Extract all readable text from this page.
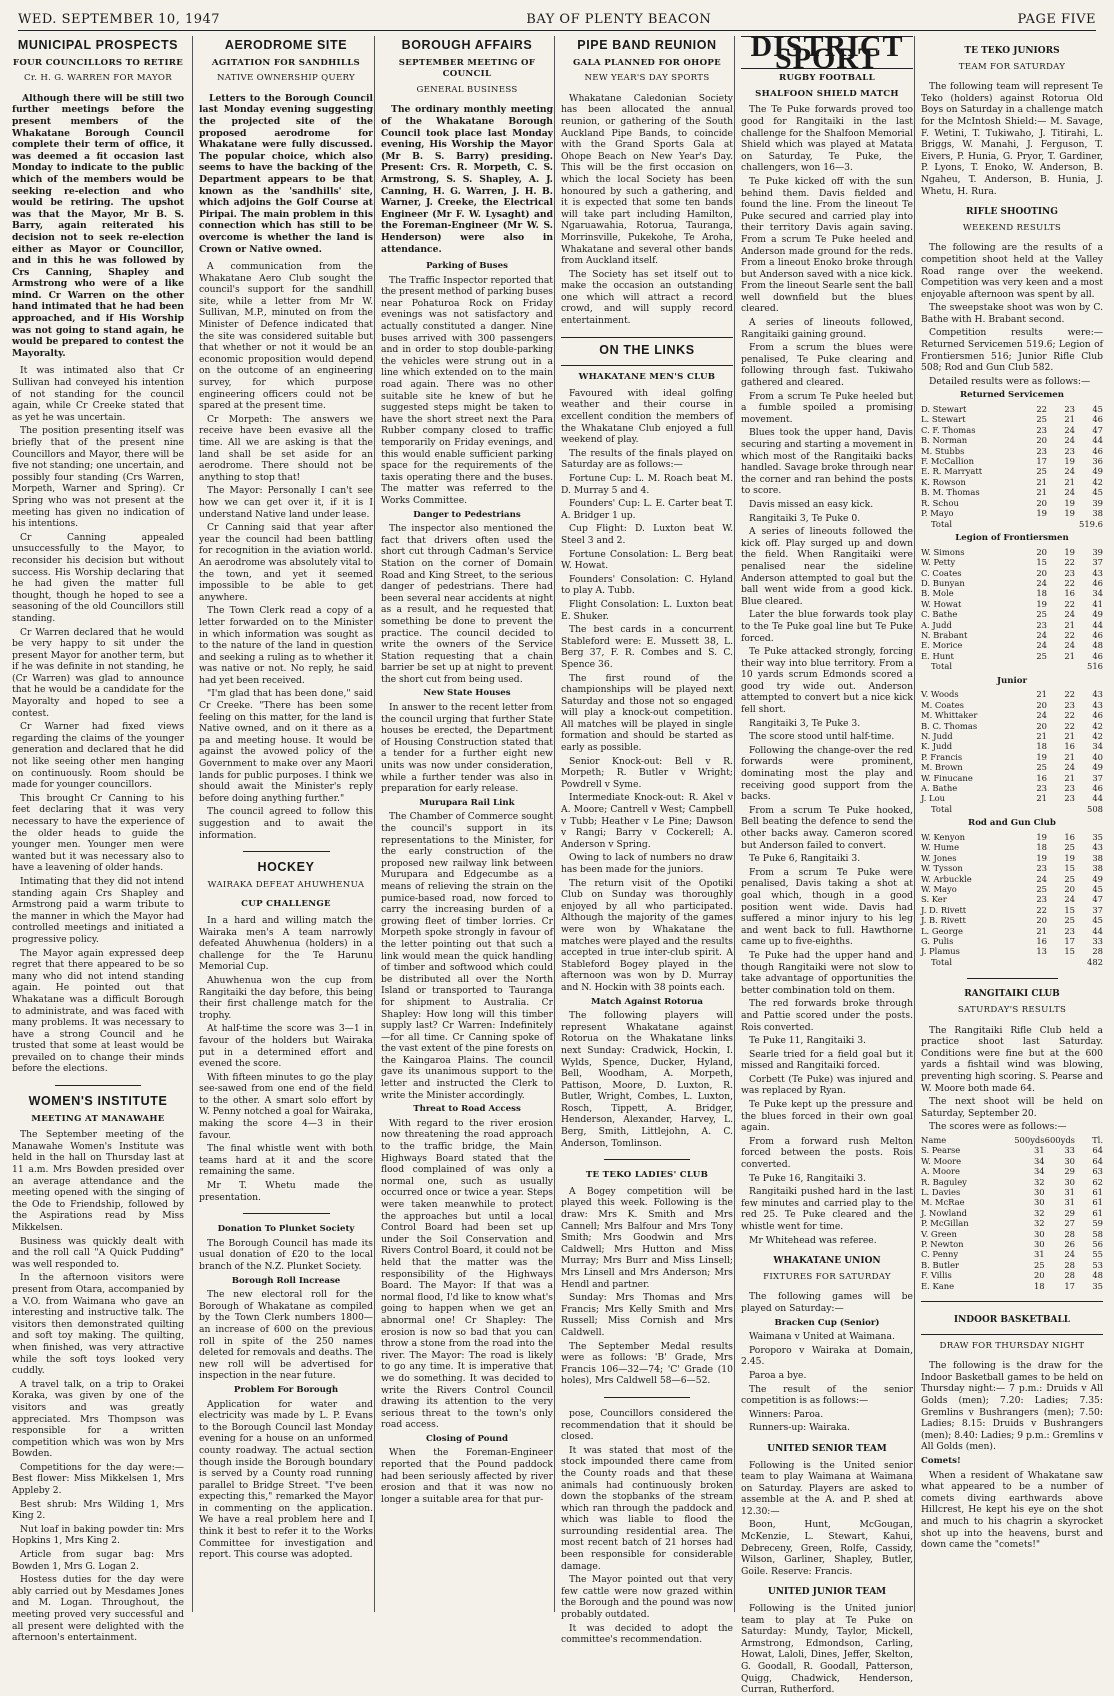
WED. SEPTEMBER 10, 1947	BAY OF PLENTY BEACON	PAGE FIVE
MUNICIPAL PROSPECTS
FOUR COUNCILLORS TO RETIRE
Cr. H. G. WARREN FOR MAYOR

Although there will be still two further meetings before the present members of the Whakatane Borough Council complete their term of office, it was deemed a fit occasion last Monday to indicate to the public which of the members would be seeking re-election and who would be retiring. The upshot was that the Mayor, Mr B. S. Barry, again reiterated his decision not to seek re-election either as Mayor or Councillor, and in this he was followed by Crs Canning, Shapley and Armstrong who were of a like mind. Cr Warren on the other hand intimated that he had been approached, and if His Worship was not going to stand again, he would be prepared to contest the Mayoralty.

It was intimated also that Cr Sullivan had conveyed his intention of not standing for the council again, while Cr Creeke stated that as yet he was uncertain.

The position presenting itself was briefly that of the present nine Councillors and Mayor, there will be five not standing; one uncertain, and possibly four standing (Crs Warren, Morpeth, Warner and Spring). Cr Spring who was not present at the meeting has given no indication of his intentions.

Cr Canning appealed unsuccessfully to the Mayor, to reconsider his decision but without success. His Worship declaring that he had given the matter full thought, though he hoped to see a seasoning of the old Councillors still standing.

Cr Warren declared that he would be very happy to sit under the present Mayor for another term, but if he was definite in not standing, he (Cr Warren) was glad to announce that he would be a candidate for the Mayoralty and hoped to see a contest.

Cr Warner had fixed views regarding the claims of the younger generation and declared that he did not like seeing other men hanging on continuously. Room should be made for younger councillors.

This brought Cr Canning to his feet declaring that it was very necessary to have the experience of the older heads to guide the younger men. Younger men were wanted but it was necessary also to have a leavening of older hands.

Intimating that they did not intend standing again Crs Shapley and Armstrong paid a warm tribute to the manner in which the Mayor had controlled meetings and initiated a progressive policy.

The Mayor again expressed deep regret that there appeared to be so many who did not intend standing again. He pointed out that Whakatane was a difficult Borough to administrate, and was faced with many problems. It was necessary to have a strong Council and he trusted that some at least would be prevailed on to change their minds before the elections.

WOMEN'S INSTITUTE
MEETING AT MANAWAHE

The September meeting of the Manawahe Women's Institute was held in the hall on Thursday last at 11 a.m. Mrs Bowden presided over an average attendance and the meeting opened with the singing of the Ode to Friendship, followed by the Aspirations read by Miss Mikkelsen.

Business was quickly dealt with and the roll call "A Quick Pudding" was well responded to.

In the afternoon visitors were present from Otara, accompanied by a V.O. from Waimana who gave an interesting and instructive talk. The visitors then demonstrated quilting and soft toy making. The quilting, when finished, was very attractive while the soft toys looked very cuddly.

A travel talk, on a trip to Orakei Koraka, was given by one of the visitors and was greatly appreciated. Mrs Thompson was responsible for a written competition which was won by Mrs Bowden.

Competitions for the day were:— Best flower: Miss Mikkelsen 1, Mrs Appleby 2.

Best shrub: Mrs Wilding 1, Mrs King 2.

Nut loaf in baking powder tin: Mrs Hopkins 1, Mrs King 2.

Article from sugar bag: Mrs Bowden 1, Mrs G. Logan 2.

Hostess duties for the day were ably carried out by Mesdames Jones and M. Logan. Throughout, the meeting proved very successful and all present were delighted with the afternoon's entertainment.

AERODROME SITE
AGITATION FOR SANDHILLS
NATIVE OWNERSHIP QUERY

Letters to the Borough Council last Monday evening suggesting the projected site of the proposed aerodrome for Whakatane were fully discussed. The popular choice, which also seems to have the backing of the Department appears to be that known as the 'sandhills' site, which adjoins the Golf Course at Piripai. The main problem in this connection which has still to be overcome is whether the land is Crown or Native owned.

A communication from the Whakatane Aero Club sought the council's support for the sandhill site, while a letter from Mr W. Sullivan, M.P., minuted on from the Minister of Defence indicated that the site was considered suitable but that whether or not it would be an economic proposition would depend on the outcome of an engineering survey, for which purpose engineering officers could not be spared at the present time.

Cr Morpeth: The answers we receive have been evasive all the time. All we are asking is that the land shall be set aside for an aerodrome. There should not be anything to stop that!

The Mayor: Personally I can't see how we can get over it, if it is I understand Native land under lease.

Cr Canning said that year after year the council had been battling for recognition in the aviation world. An aerodrome was absolutely vital to the town, and yet it seemed impossible to be able to get anywhere.

The Town Clerk read a copy of a letter forwarded on to the Minister in which information was sought as to the nature of the land in question and seeking a ruling as to whether it was native or not. No reply, he said had yet been received.

"I'm glad that has been done," said Cr Creeke. "There has been some feeling on this matter, for the land is Native owned, and on it there as a pa and meeting house. It would be against the avowed policy of the Government to make over any Maori lands for public purposes. I think we should await the Minister's reply before doing anything further."

The council agreed to follow this suggestion and to await the information.

HOCKEY
WAIRAKA DEFEAT AHUWHENUA
CUP CHALLENGE

In a hard and willing match the Wairaka men's A team narrowly defeated Ahuwhenua (holders) in a challenge for the Te Harunu Memorial Cup.

Ahuwhenua won the cup from Rangitaiki the day before, this being their first challenge match for the trophy.

At half-time the score was 3—1 in favour of the holders but Wairaka put in a determined effort and evened the score.

With fifteen minutes to go the play see-sawed from one end of the field to the other. A smart solo effort by W. Penny notched a goal for Wairaka, making the score 4—3 in their favour.

The final whistle went with both teams hard at it and the score remaining the same.

Mr T. Whetu made the presentation.

Donation To Plunket Society

The Borough Council has made its usual donation of £20 to the local branch of the N.Z. Plunket Society.

Borough Roll Increase

The new electoral roll for the Borough of Whakatane as compiled by the Town Clerk numbers 1800—an increase of 600 on the previous roll in spite of the 250 names deleted for removals and deaths. The new roll will be advertised for inspection in the near future.

Problem For Borough

Application for water and electricity was made by L. P. Evans to the Borough Council last Monday evening for a house on an unformed county roadway. The actual section though inside the Borough boundary is served by a County road running parallel to Bridge Street. "I've been expecting this," remarked the Mayor in commenting on the application. We have a real problem here and I think it best to refer it to the Works Committee for investigation and report. This course was adopted.

BOROUGH AFFAIRS
SEPTEMBER MEETING OF COUNCIL
GENERAL BUSINESS

The ordinary monthly meeting of the Whakatane Borough Council took place last Monday evening, His Worship the Mayor (Mr B. S. Barry) presiding. Present: Crs. R. Morpeth, C. S. Armstrong, S. S. Shapley, A. J. Canning, H. G. Warren, J. H. B. Warner, J. Creeke, the Electrical Engineer (Mr F. W. Lysaght) and the Foreman-Engineer (Mr W. S. Henderson) were also in attendance.

Parking of Buses

The Traffic Inspector reported that the present method of parking buses near Pohaturoa Rock on Friday evenings was not satisfactory and actually constituted a danger. Nine buses arrived with 300 passengers and in order to stop double-parking the vehicles were strung out in a line which extended on to the main road again. There was no other suitable site he knew of but he suggested steps might be taken to have the short street next the Para Rubber company closed to traffic temporarily on Friday evenings, and this would enable sufficient parking space for the requirements of the taxis operating there and the buses. The matter was referred to the Works Committee.

Danger to Pedestrians

The inspector also mentioned the fact that drivers often used the short cut through Cadman's Service Station on the corner of Domain Road and King Street, to the serious danger of pedestrians. There had been several near accidents at night as a result, and he requested that something be done to prevent the practice. The council decided to write the owners of the Service Station requesting that a chain barrier be set up at night to prevent the short cut from being used.

New State Houses

In answer to the recent letter from the council urging that further State houses be erected, the Department of Housing Construction stated that a tender for a further eight new units was now under consideration, while a further tender was also in preparation for early release.

Murupara Rail Link

The Chamber of Commerce sought the council's support in its representations to the Minister, for the early construction of the proposed new railway link between Murupara and Edgecumbe as a means of relieving the strain on the pumice-based road, now forced to carry the increasing burden of a growing fleet of timber lorries. Cr Morpeth spoke strongly in favour of the letter pointing out that such a link would mean the quick handling of timber and softwood which could be distributed all over the North Island or transported to Tauranga for shipment to Australia. Cr Shapley: How long will this timber supply last? Cr Warren: Indefinitely—for all time. Cr Canning spoke of the vast extent of the pine forests on the Kaingaroa Plains. The council gave its unanimous support to the letter and instructed the Clerk to write the Minister accordingly.

Threat to Road Access

With regard to the river erosion now threatening the road approach to the traffic bridge, the Main Highways Board stated that the flood complained of was only a normal one, such as usually occurred once or twice a year. Steps were taken meanwhile to protect the approaches but until a local Control Board had been set up under the Soil Conservation and Rivers Control Board, it could not be held that the matter was the responsibility of the Highways Board. The Mayor: If that was a normal flood, I'd like to know what's going to happen when we get an abnormal one! Cr Shapley: The erosion is now so bad that you can throw a stone from the road into the river. The Mayor: The road is likely to go any time. It is imperative that we do something. It was decided to write the Rivers Control Council drawing its attention to the very serious threat to the town's only road access.

Closing of Pound

When the Foreman-Engineer reported that the Pound paddock had been seriously affected by river erosion and that it was now no longer a suitable area for that pur-

PIPE BAND REUNION
GALA PLANNED FOR OHOPE
NEW YEAR'S DAY SPORTS

Whakatane Caledonian Society has been allocated the annual reunion, or gathering of the South Auckland Pipe Bands, to coincide with the Grand Sports Gala at Ohope Beach on New Year's Day. This will be the first occasion on which the local Society has been honoured by such a gathering, and it is expected that some ten bands will take part including Hamilton, Ngaruawahia, Rotorua, Tauranga, Morrinsville, Pukekohe, Te Aroha, Whakatane and several other bands from Auckland itself.

The Society has set itself out to make the occasion an outstanding one which will attract a record crowd, and will supply record entertainment.

ON THE LINKS
WHAKATANE MEN'S CLUB

Favoured with ideal golfing weather and their course in excellent condition the members of the Whakatane Club enjoyed a full weekend of play.

The results of the finals played on Saturday are as follows:—

Fortune Cup: L. M. Roach beat M. D. Murray 5 and 4.

Founders' Cup: L. E. Carter beat T. A. Bridger 1 up.

Cup Flight: D. Luxton beat W. Steel 3 and 2.

Fortune Consolation: L. Berg beat W. Howat.

Founders' Consolation: C. Hyland to play A. Tubb.

Flight Consolation: L. Luxton beat E. Shuker.

The best cards in a concurrent Stableford were: E. Mussett 38, L. Berg 37, F. R. Combes and S. C. Spence 36.

The first round of the championships will be played next Saturday and those not so engaged will play a knock-out competition. All matches will be played in single formation and should be started as early as possible.

Senior Knock-out: Bell v R. Morpeth; R. Butler v Wright; Powdrell v Syme.

Intermediate Knock-out: R. Akel v A. Moore; Cantrell v West; Campbell v Tubb; Heather v Le Pine; Dawson v Rangi; Barry v Cockerell; A. Anderson v Spring.

Owing to lack of numbers no draw has been made for the juniors.

The return visit of the Opotiki Club on Sunday was thoroughly enjoyed by all who participated. Although the majority of the games were won by Whakatane the matches were played and the results accepted in true inter-club spirit. A Stableford Bogey played in the afternoon was won by D. Murray and N. Hockin with 38 points each.

Match Against Rotorua

The following players will represent Whakatane against Rotorua on the Whakatane links next Sunday: Cradwick, Hockin, I. Wylds, Spence, Ducker, Hyland, Bell, Woodham, A. Morpeth, Pattison, Moore, D. Luxton, R. Butler, Wright, Combes, L. Luxton, Rosch, Tippett, A. Bridger, Henderson, Alexander, Harvey, L. Berg, Smith, Littlejohn, A. C. Anderson, Tomlinson.

TE TEKO LADIES' CLUB

A Bogey competition will be played this week. Following is the draw: Mrs K. Smith and Mrs Cannell; Mrs Balfour and Mrs Tony Smith; Mrs Goodwin and Mrs Caldwell; Mrs Hutton and Miss Murray; Mrs Burr and Miss Linsell; Mrs Linsell and Mrs Anderson; Mrs Hendl and partner.

Sunday: Mrs Thomas and Mrs Francis; Mrs Kelly Smith and Mrs Russell; Miss Cornish and Mrs Caldwell.

The September Medal results were as follows: 'B' Grade, Mrs Francis 106—32—74; 'C' Grade (10 holes), Mrs Caldwell 58—6—52.

pose, Councillors considered the recommendation that it should be closed.

It was stated that most of the stock impounded there came from the County roads and that these animals had continuously broken down the stopbanks of the stream which ran through the paddock and which was liable to flood the surrounding residential area. The most recent batch of 21 horses had been responsible for considerable damage.

The Mayor pointed out that very few cattle were now grazed within the Borough and the pound was now probably outdated.

It was decided to adopt the committee's recommendation.

DISTRICT SPORT
RUGBY FOOTBALL
SHALFOON SHIELD MATCH

The Te Puke forwards proved too good for Rangitaiki in the last challenge for the Shalfoon Memorial Shield which was played at Matata on Saturday, Te Puke, the challengers, won 16—3.

Te Puke kicked off with the sun behind them. Davis fielded and found the line. From the lineout Te Puke secured and carried play into their territory Davis again saving. From a scrum Te Puke heeled and Anderson made ground for the reds. From a lineout Enoko broke through but Anderson saved with a nice kick. From the lineout Searle sent the ball well downfield but the blues cleared.

A series of lineouts followed, Rangitaiki gaining ground.

From a scrum the blues were penalised, Te Puke clearing and following through fast. Tukiwaho gathered and cleared.

From a scrum Te Puke heeled but a fumble spoiled a promising movement.

Blues took the upper hand, Davis securing and starting a movement in which most of the Rangitaiki backs handled. Savage broke through near the corner and ran behind the posts to score.

Davis missed an easy kick.

Rangitaiki 3, Te Puke 0.

A series of lineouts followed the kick off. Play surged up and down the field. When Rangitaiki were penalised near the sideline Anderson attempted to goal but the ball went wide from a good kick. Blue cleared.

Later the blue forwards took play to the Te Puke goal line but Te Puke forced.

Te Puke attacked strongly, forcing their way into blue territory. From a 10 yards scrum Edmonds scored a good try wide out. Anderson attempted to convert but a nice kick fell short.

Rangitaiki 3, Te Puke 3.

The score stood until half-time.

Following the change-over the red forwards were prominent, dominating most the play and receiving good support from the backs.

From a scrum Te Puke hooked, Bell beating the defence to send the other backs away. Cameron scored but Anderson failed to convert.

Te Puke 6, Rangitaiki 3.

From a scrum Te Puke were penalised, Davis taking a shot at goal which, though in a good position went wide. Davis had suffered a minor injury to his leg and went back to full. Hawthorne came up to five-eighths.

Te Puke had the upper hand and though Rangitaiki were not slow to take advantage of opportunities the better combination told on them.

The red forwards broke through and Pattie scored under the posts. Rois converted.

Te Puke 11, Rangitaiki 3.

Searle tried for a field goal but it missed and Rangitaiki forced.

Corbett (Te Puke) was injured and was replaced by Ryan.

Te Puke kept up the pressure and the blues forced in their own goal again.

From a forward rush Melton forced between the posts. Rois converted.

Te Puke 16, Rangitaiki 3.

Rangitaiki pushed hard in the last few minutes and carried play to the red 25. Te Puke cleared and the whistle went for time.

Mr Whitehead was referee.

WHAKATANE UNION
FIXTURES FOR SATURDAY

The following games will be played on Saturday:—

Bracken Cup (Senior)

Waimana v United at Waimana.

Poroporo v Wairaka at Domain, 2.45.

Paroa a bye.

The result of the senior competition is as follows:—

Winners: Paroa.

Runners-up: Wairaka.

UNITED SENIOR TEAM

Following is the United senior team to play Waimana at Waimana on Saturday. Players are asked to assemble at the A. and P. shed at 12.30:—

Boon, Hunt, McGougan, McKenzie, L. Stewart, Kahui, Debreceny, Green, Rolfe, Cassidy, Wilson, Garliner, Shapley, Butler, Goile. Reserve: Francis.

UNITED JUNIOR TEAM

Following is the United junior team to play at Te Puke on Saturday: Mundy, Taylor, Mickell, Armstrong, Edmondson, Carling, Howat, Laloli, Dines, Jeffer, Skelton, G. Goodall, R. Goodall, Patterson, Quigg, Chadwick, Henderson, Curran, Rutherford.

TE TEKO JUNIORS
TEAM FOR SATURDAY

The following team will represent Te Teko (holders) against Rotorua Old Boys on Saturday in a challenge match for the McIntosh Shield:— M. Savage, F. Wetini, T. Tukiwaho, J. Titirahi, L. Briggs, W. Manahi, J. Ferguson, T. Eivers, P. Hunia, G. Pryor, T. Gardiner, P. Lyons, T. Enoko, W. Anderson, B. Ngaheu, T. Anderson, B. Hunia, J. Whetu, H. Rura.

RIFLE SHOOTING
WEEKEND RESULTS

The following are the results of a competition shoot held at the Valley Road range over the weekend. Competition was very keen and a most enjoyable afternoon was spent by all.

The sweepstake shoot was won by C. Bathe with H. Brabant second.

Competition results were:— Returned Servicemen 519.6; Legion of Frontiersmen 516; Junior Rifle Club 508; Rod and Gun Club 582.

Detailed results were as follows:—

Returned Servicemen
D. Stewart	22	23	45
L. Stewart	25	21	46
C. F. Thomas	23	24	47
B. Norman	20	24	44
M. Stubbs	23	23	46
F. McCallion	17	19	36
E. R. Marryatt	25	24	49
K. Rowson	21	21	42
B. M. Thomas	21	24	45
R. Schou	20	19	39
P. Mayo	19	19	38
Total	519.6
Legion of Frontiersmen
W. Simons	20	19	39
W. Petty	15	22	37
C. Coates	20	23	43
D. Bunyan	24	22	46
B. Mole	18	16	34
W. Howat	19	22	41
C. Bathe	25	24	49
A. Judd	23	21	44
N. Brabant	24	22	46
E. Morice	24	24	48
E. Hunt	25	21	46
Total	516
Junior
V. Woods	21	22	43
M. Coates	20	23	43
M. Whittaker	24	22	46
B. C. Thomas	20	22	42
N. Judd	21	21	42
K. Judd	18	16	34
P. Francis	19	21	40
M. Brown	25	24	49
W. Finucane	16	21	37
A. Bathe	23	23	46
J. Lou	21	23	44
Total	508
Rod and Gun Club
W. Kenyon	19	16	35
W. Hume	18	25	43
W. Jones	19	19	38
W. Tysson	23	15	38
W. Arbuckle	24	25	49
W. Mayo	25	20	45
S. Ker	23	24	47
J. D. Rivett	22	15	37
J. B. Rivett	20	25	45
L. George	21	23	44
G. Pulis	16	17	33
J. Plamus	13	15	28
Total	482
RANGITAIKI CLUB
SATURDAY'S RESULTS

The Rangitaiki Rifle Club held a practice shoot last Saturday. Conditions were fine but at the 600 yards a fishtail wind was blowing, preventing high scoring. S. Pearse and W. Moore both made 64.

The next shoot will be held on Saturday, September 20.

The scores were as follows:—

Name	500yds	600yds	Tl.
S. Pearse	31	33	64
W. Moore	34	30	64
A. Moore	34	29	63
R. Baguley	32	30	62
L. Davies	30	31	61
M. McRae	30	31	61
J. Nowland	32	29	61
P. McGillan	32	27	59
V. Green	30	28	58
P. Newton	30	26	56
C. Penny	31	24	55
B. Butler	25	28	53
F. Villis	20	28	48
E. Kane	18	17	35
INDOOR BASKETBALL
DRAW FOR THURSDAY NIGHT

The following is the draw for the Indoor Basketball games to be held on Thursday night:— 7 p.m.: Druids v All Golds (men); 7.20: Ladies; 7.35: Gremlins v Bushrangers (men); 7.50: Ladies; 8.15: Druids v Bushrangers (men); 8.40: Ladies; 9 p.m.: Gremlins v All Golds (men).

Comets!

When a resident of Whakatane saw what appeared to be a number of comets diving earthwards above Hillcrest, He kept his eye on the shot and much to his chagrin a skyrocket shot up into the heavens, burst and down came the "comets!"
